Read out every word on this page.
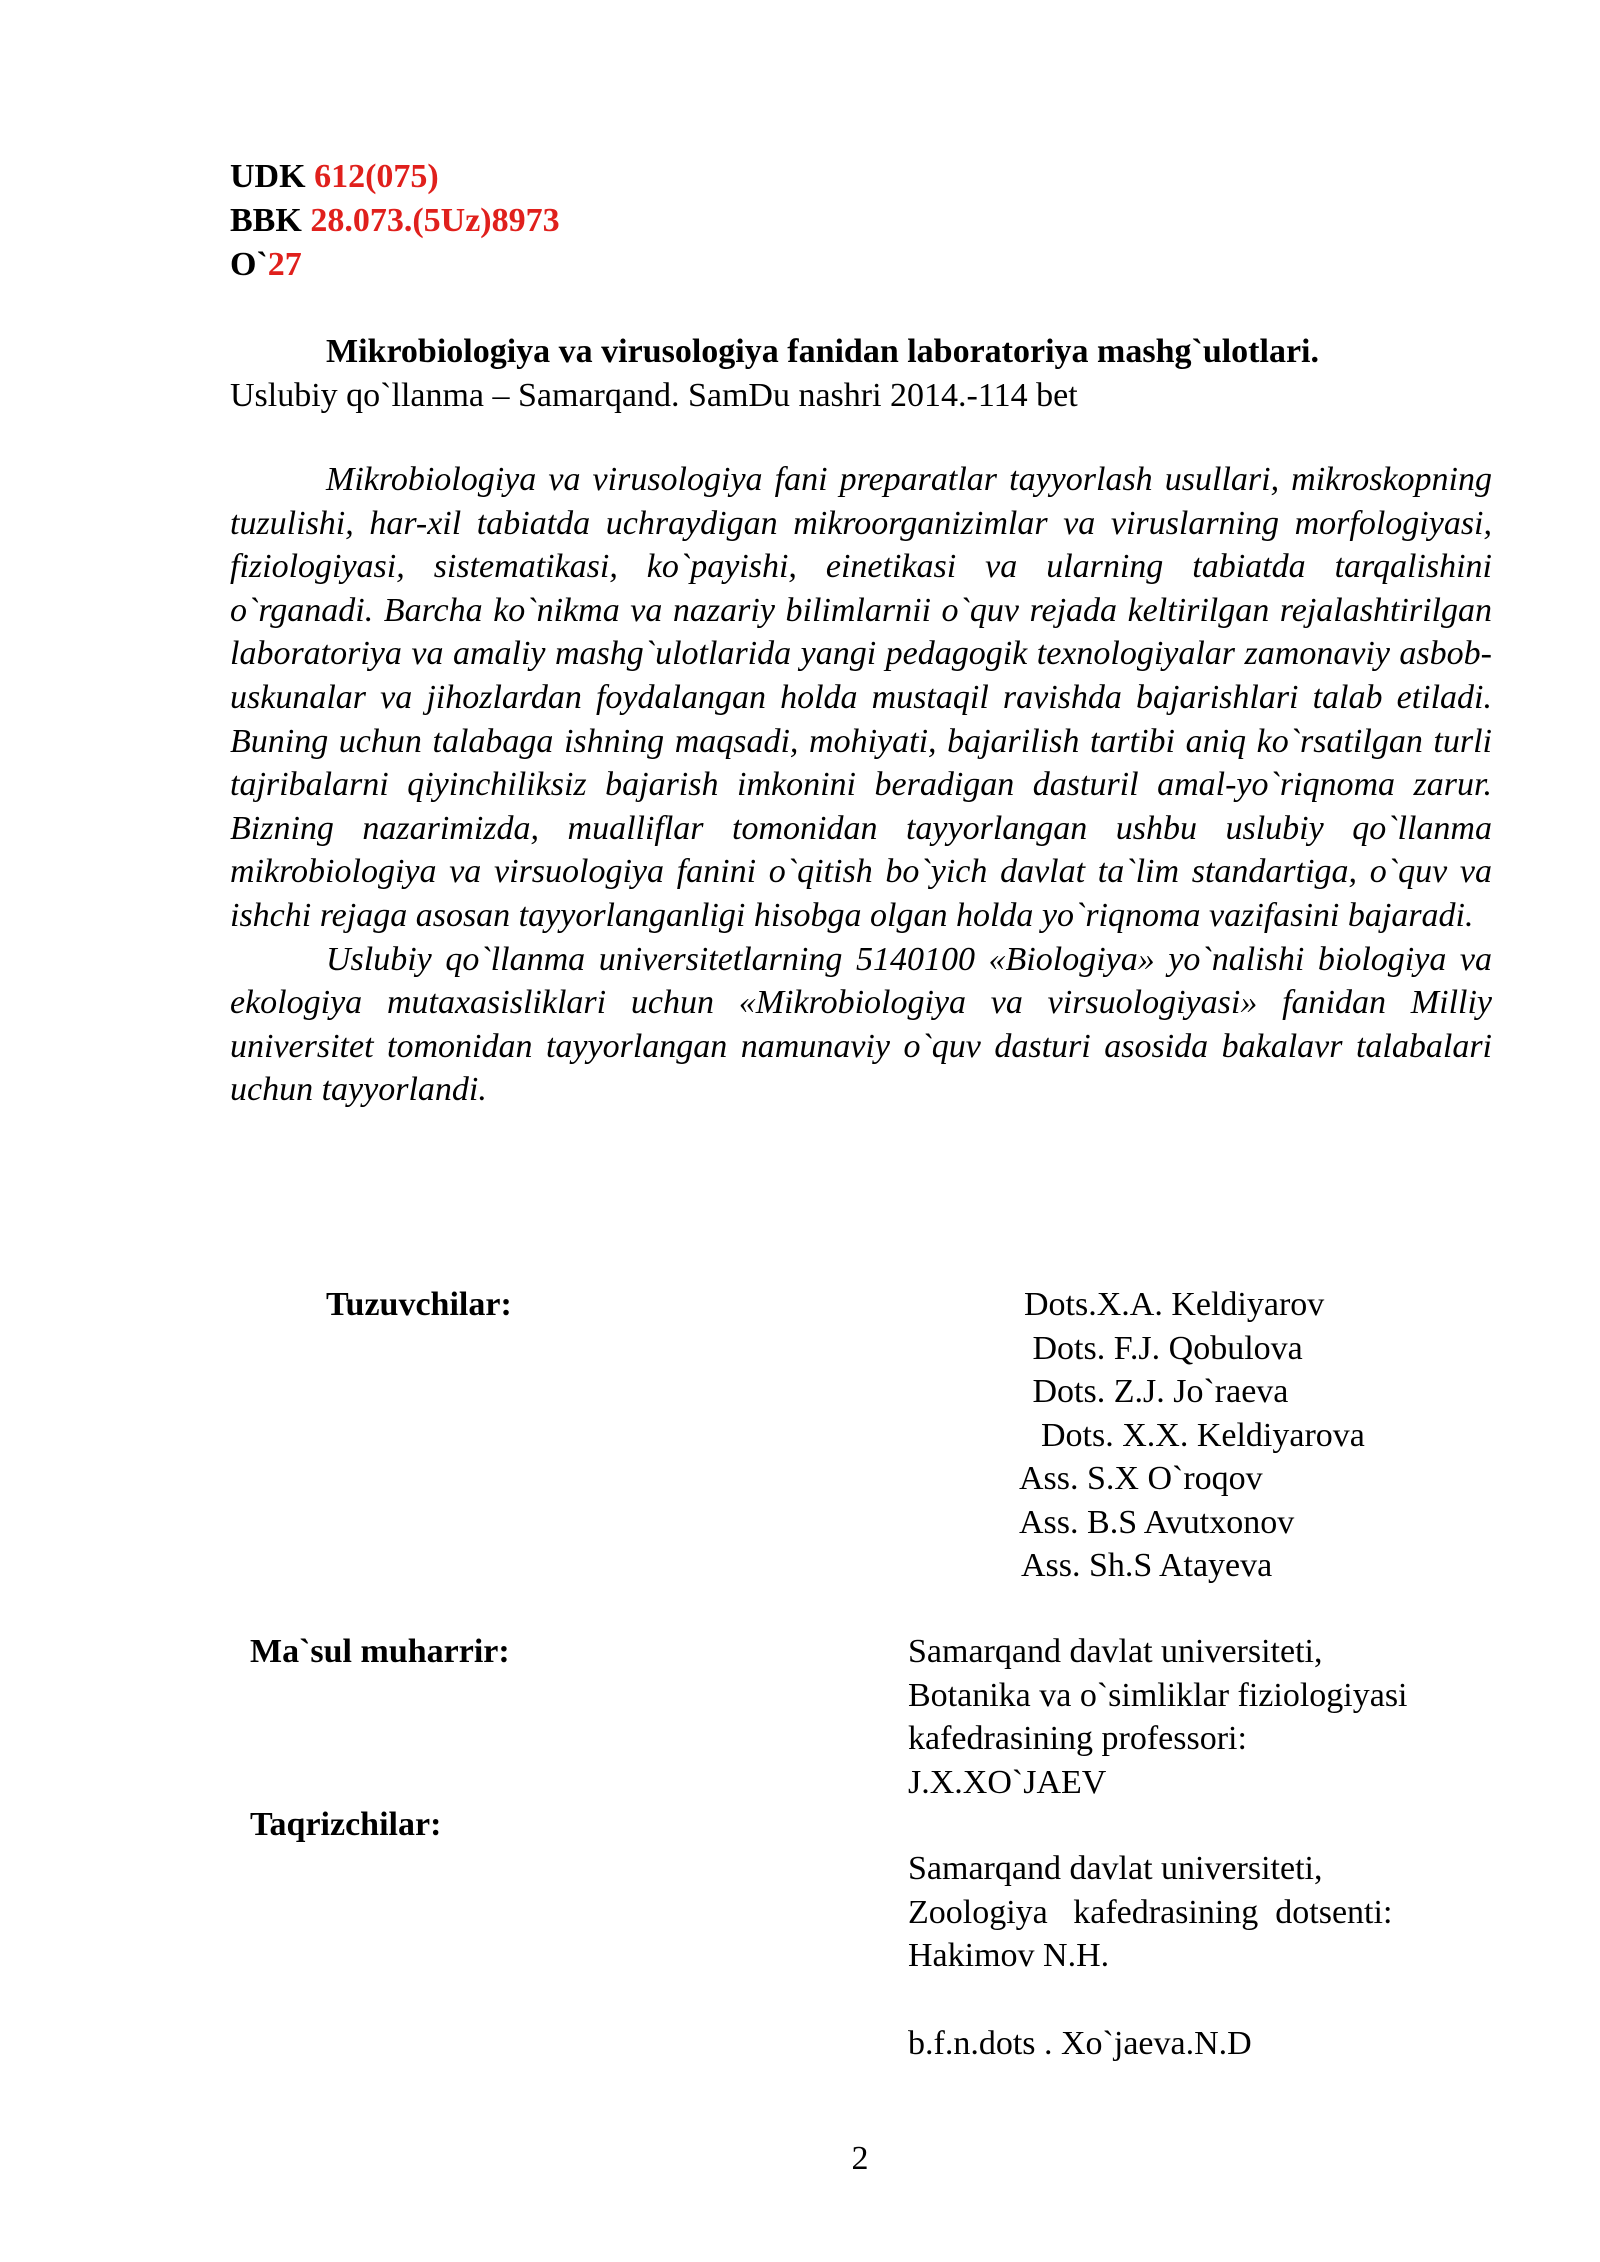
UDK 612(075)
BBK 28.073.(5Uz)8973
O`27
Mikrobiologiya va virusologiya fanidan laboratoriya mashg`ulotlari.
Uslubiy qo`llanma – Samarqand. SamDu nashri 2014.-114 bet

Mikrobiologiya va virusologiya fani preparatlar tayyorlash usullari, mikroskopning tuzulishi, har-xil tabiatda uchraydigan mikroorganizimlar va viruslarning morfologiyasi, fiziologiyasi, sistematikasi, ko`payishi, einetikasi va ularning tabiatda tarqalishini o`rganadi. Barcha ko`nikma va nazariy bilimlarnii o`quv rejada keltirilgan rejalashtirilgan laboratoriya va amaliy mashg`ulotlarida yangi pedagogik texnologiyalar zamonaviy asbob-uskunalar va jihozlardan foydalangan holda mustaqil ravishda bajarishlari talab etiladi. Buning uchun talabaga ishning maqsadi, mohiyati, bajarilish tartibi aniq ko`rsatilgan turli tajribalarni qiyinchiliksiz bajarish imkonini beradigan dasturil amal-yo`riqnoma zarur. Bizning nazarimizda, mualliflar tomonidan tayyorlangan ushbu uslubiy qo`llanma mikrobiologiya va virsuologiya fanini o`qitish bo`yich davlat ta`lim standartiga, o`quv va ishchi rejaga asosan tayyorlanganligi hisobga olgan holda yo`riqnoma vazifasini bajaradi.

Uslubiy qo`llanma universitetlarning 5140100 «Biologiya» yo`nalishi biologiya va ekologiya mutaxasisliklari uchun «Mikrobiologiya va virsuologiyasi» fanidan Milliy universitet tomonidan tayyorlangan namunaviy o`quv dasturi asosida bakalavr talabalari uchun tayyorlandi.

Tuzuvchilar:	Dots.X.A. Keldiyarov
Dots. F.J. Qobulova
Dots. Z.J. Jo`raeva
Dots. X.X. Keldiyarova
Ass. S.X O`roqov
Ass. B.S Avutxonov
Ass. Sh.S Atayeva
Ma`sul muharrir:	Samarqand davlat universiteti,
Botanika va o`simliklar fiziologiyasi
kafedrasining professori:
J.X.XO`JAEV
Taqrizchilar:
Samarqand davlat universiteti,
Zoologiya   kafedrasining  dotsenti:
Hakimov N.H.
b.f.n.dots . Xo`jaeva.N.D
2
